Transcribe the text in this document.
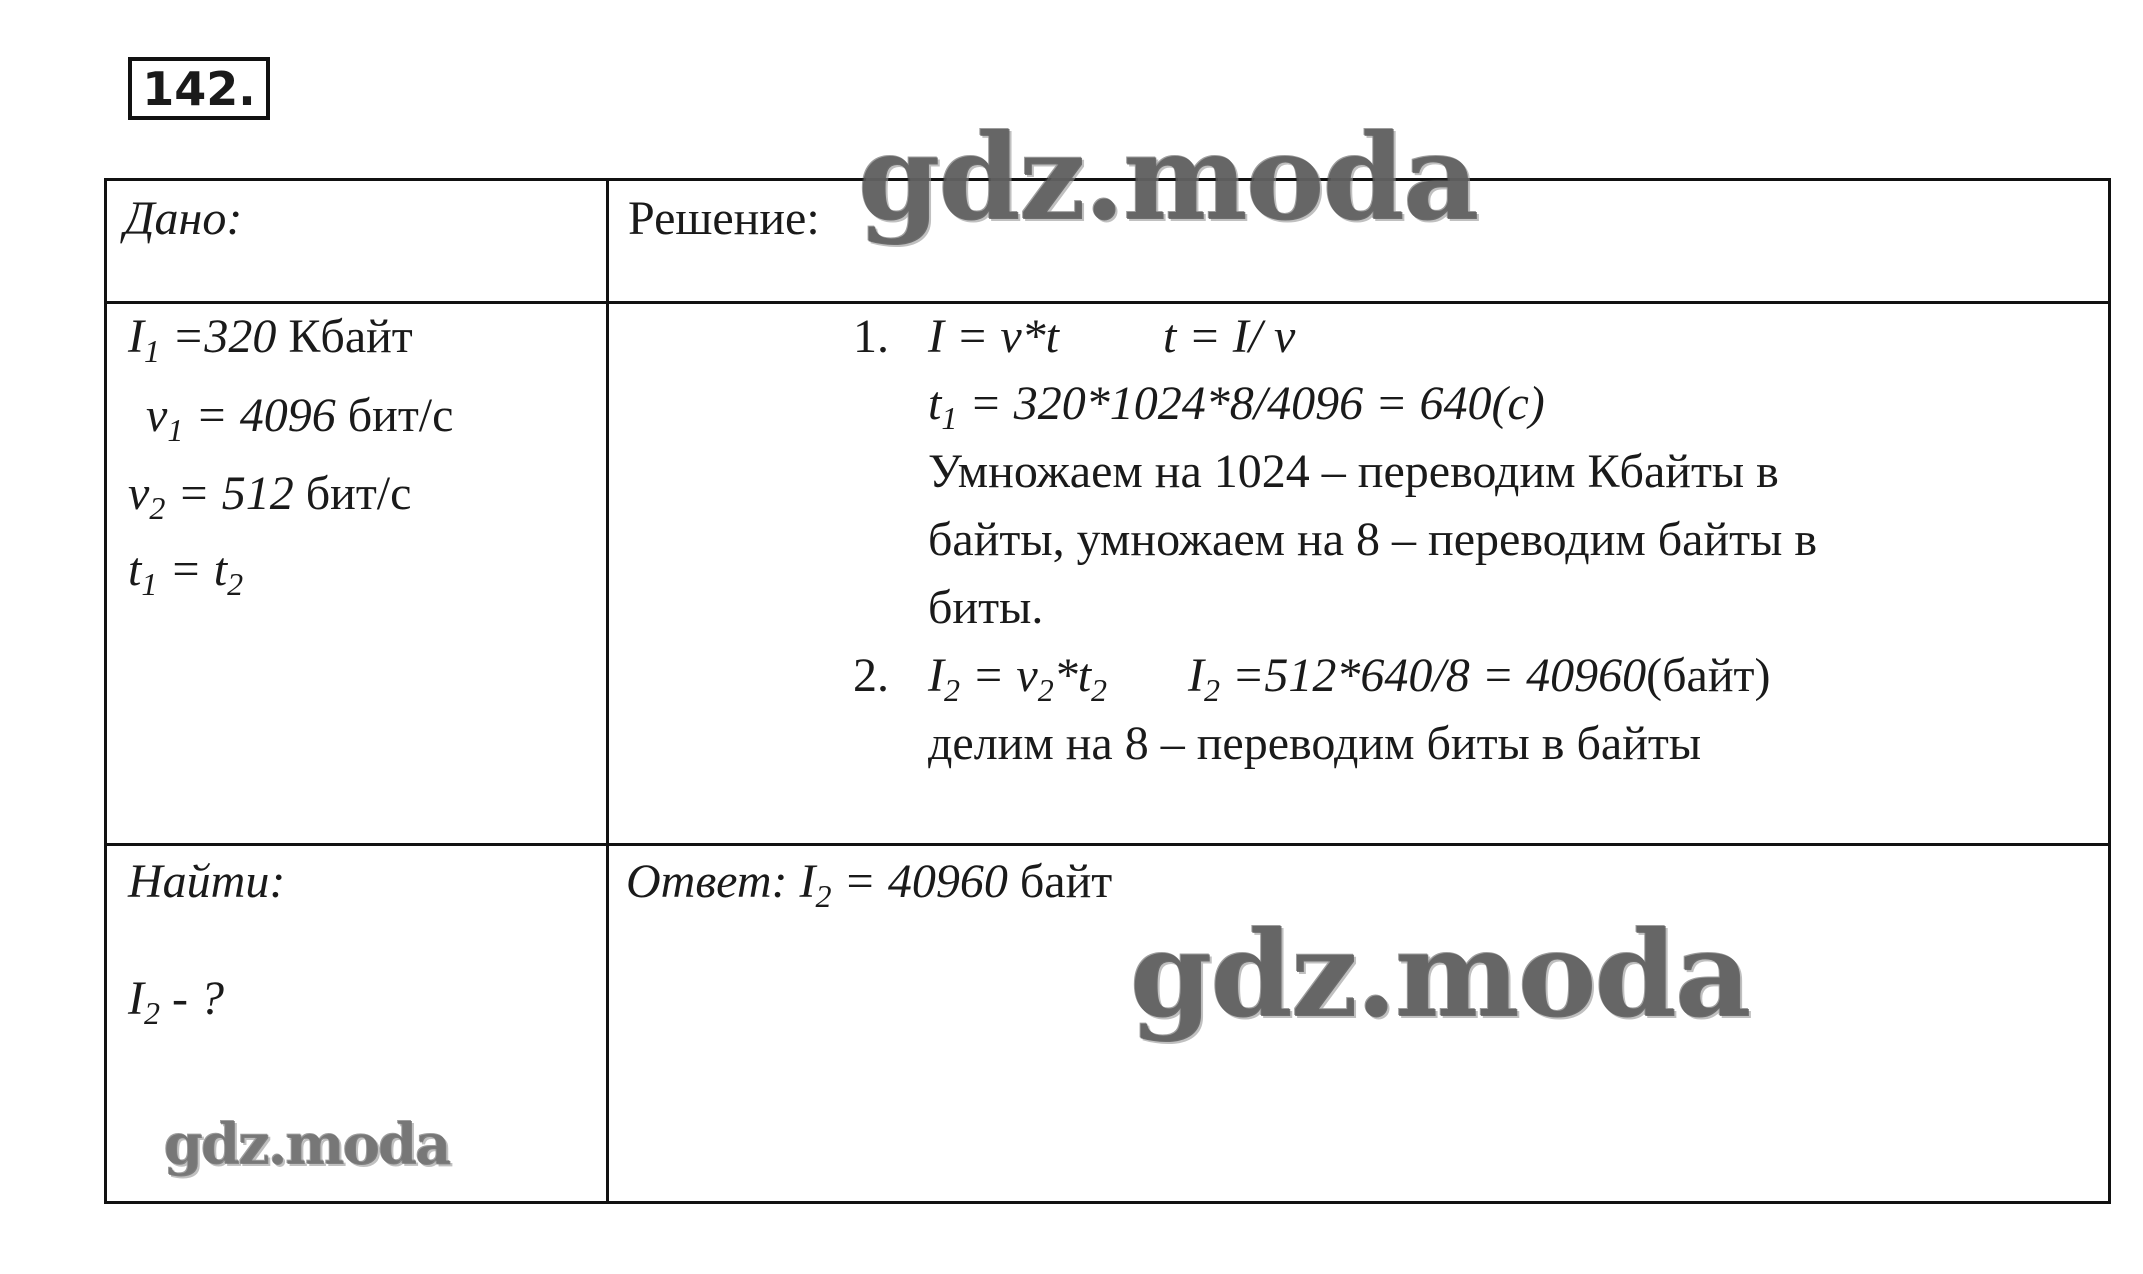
142.
Дано:	Решение:
$I_1 =320$ Кбайт
$v_1 = 4096$ бит/с
$v_2 = 512$ бит/с
$t_1 = t_2$
1. I = v*t t = I/ v
$t_1 = 320*1024*8/4096 = 640(с)$
Умножаем на 1024 – переводим Кбайты в
байты, умножаем на 8 – переводим байты в
биты.
2. $I_2 = v_2*t_2$ $I_2 =512*640/8$ = 40960(байт)
делим на 8 – переводим биты в байты
Найти:
$I_2$ - ?
Ответ: $I_2 = 40960$ байт
gdz.moda
gdz.moda
gdz.moda
